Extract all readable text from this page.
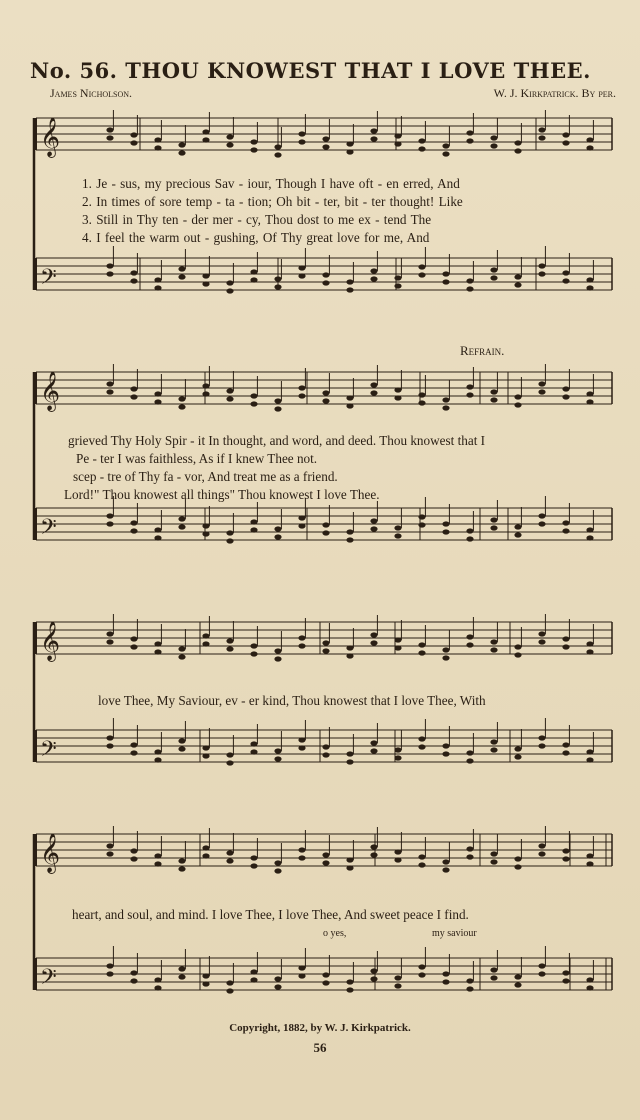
No. 56. THOU KNOWEST THAT I LOVE THEE.
James Nicholson.	W. J. Kirkpatrick. By per.
𝄞
𝄢
𝄞
𝄢
𝄞
𝄢
𝄞
𝄢
1. Je - sus, my precious Sav - iour, Though I have oft - en erred, And
2. In times of sore temp - ta - tion; Oh bit - ter, bit - ter thought! Like
3. Still in Thy ten - der mer - cy, Thou dost to me ex - tend The
4. I feel the warm out - gushing, Of Thy great love for me, And
Refrain.
grieved Thy Holy Spir - it In thought, and word, and deed. Thou knowest that I
Pe - ter I was faithless, As if I knew Thee not.
scep - tre of Thy fa - vor, And treat me as a friend.
Lord!" Thou knowest all things" Thou knowest I love Thee.
love Thee, My Saviour, ev - er kind, Thou knowest that I love Thee, With
heart, and soul, and mind. I love Thee, I love Thee, And sweet peace I find.
o yes,	my saviour
Copyright, 1882, by W. J. Kirkpatrick.
56
